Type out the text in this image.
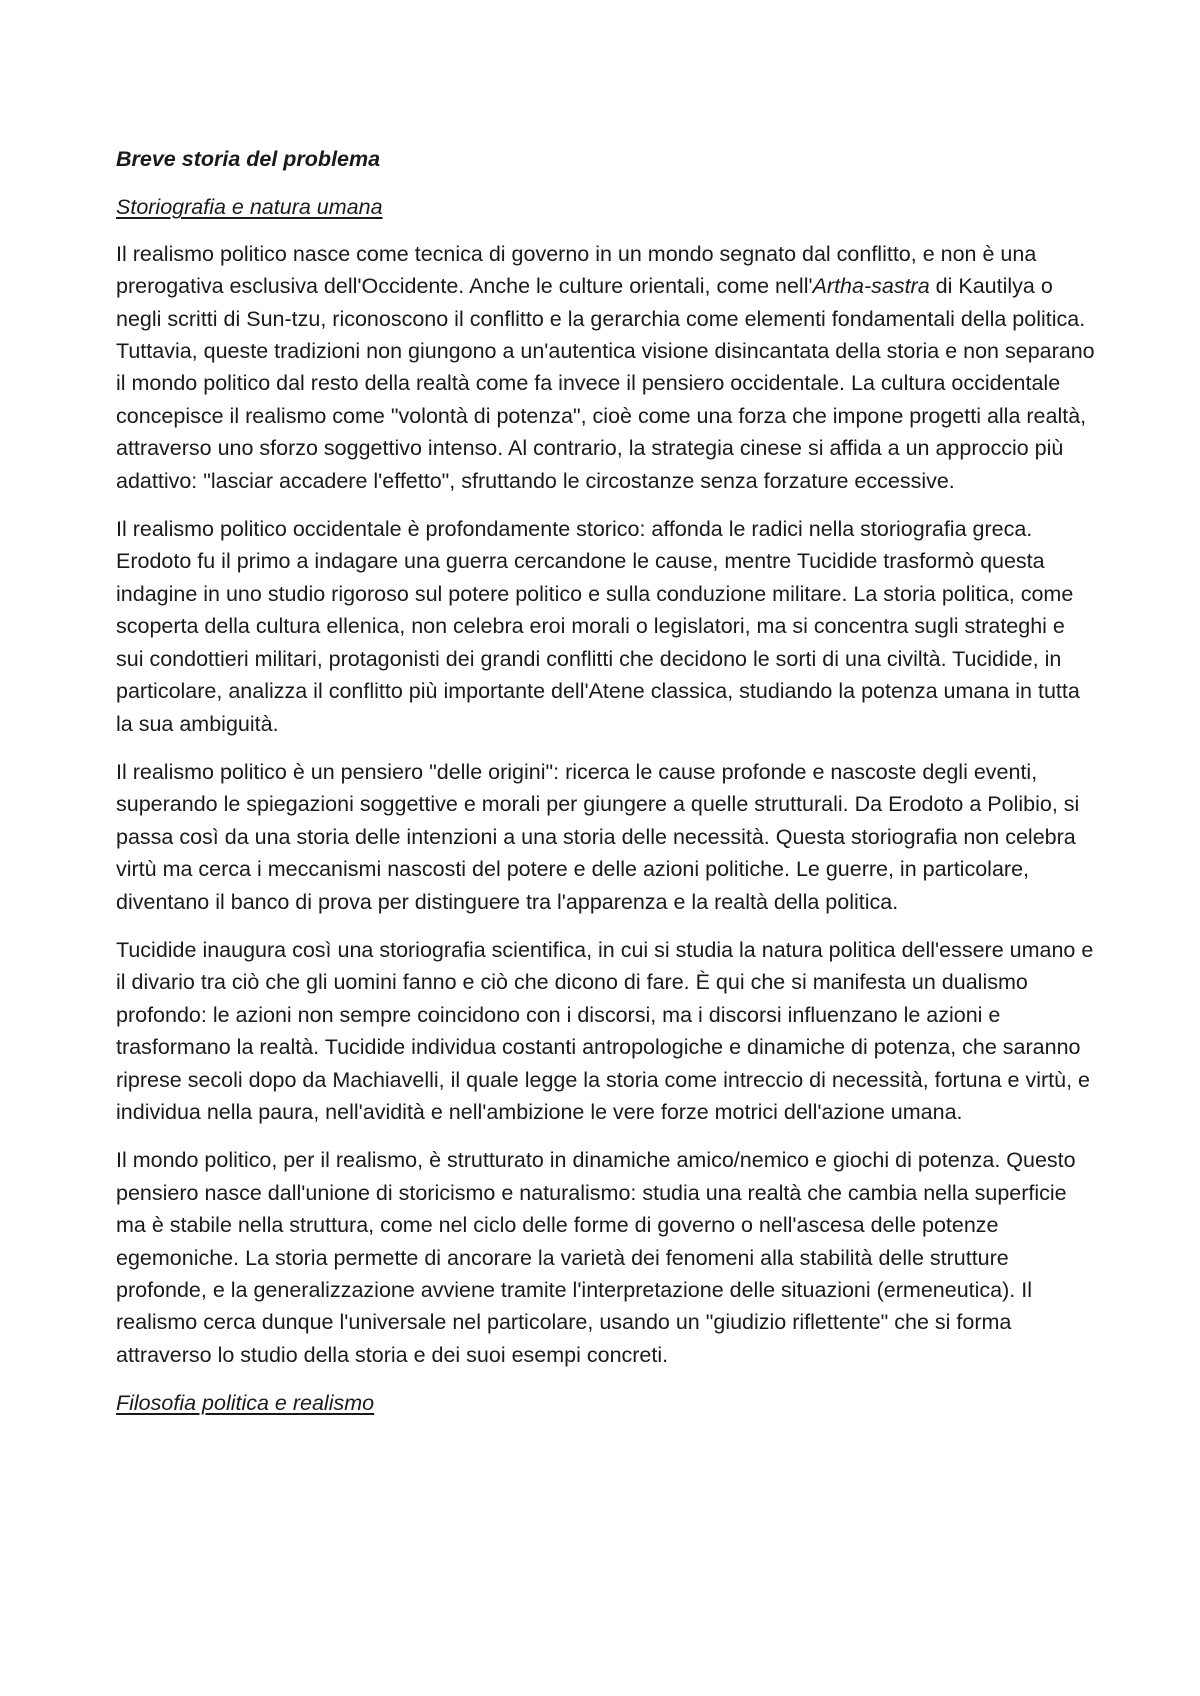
Breve storia del problema
Storiografia e natura umana

Il realismo politico nasce come tecnica di governo in un mondo segnato dal conflitto, e non è una prerogativa esclusiva dell'Occidente. Anche le culture orientali, come nell'Artha-sastra di Kautilya o negli scritti di Sun-tzu, riconoscono il conflitto e la gerarchia come elementi fondamentali della politica. Tuttavia, queste tradizioni non giungono a un'autentica visione disincantata della storia e non separano il mondo politico dal resto della realtà come fa invece il pensiero occidentale. La cultura occidentale concepisce il realismo come "volontà di potenza", cioè come una forza che impone progetti alla realtà, attraverso uno sforzo soggettivo intenso. Al contrario, la strategia cinese si affida a un approccio più adattivo: "lasciar accadere l'effetto", sfruttando le circostanze senza forzature eccessive.

Il realismo politico occidentale è profondamente storico: affonda le radici nella storiografia greca. Erodoto fu il primo a indagare una guerra cercandone le cause, mentre Tucidide trasformò questa indagine in uno studio rigoroso sul potere politico e sulla conduzione militare. La storia politica, come scoperta della cultura ellenica, non celebra eroi morali o legislatori, ma si concentra sugli strateghi e sui condottieri militari, protagonisti dei grandi conflitti che decidono le sorti di una civiltà. Tucidide, in particolare, analizza il conflitto più importante dell'Atene classica, studiando la potenza umana in tutta la sua ambiguità.

Il realismo politico è un pensiero "delle origini": ricerca le cause profonde e nascoste degli eventi, superando le spiegazioni soggettive e morali per giungere a quelle strutturali. Da Erodoto a Polibio, si passa così da una storia delle intenzioni a una storia delle necessità. Questa storiografia non celebra virtù ma cerca i meccanismi nascosti del potere e delle azioni politiche. Le guerre, in particolare, diventano il banco di prova per distinguere tra l'apparenza e la realtà della politica.

Tucidide inaugura così una storiografia scientifica, in cui si studia la natura politica dell'essere umano e il divario tra ciò che gli uomini fanno e ciò che dicono di fare. È qui che si manifesta un dualismo profondo: le azioni non sempre coincidono con i discorsi, ma i discorsi influenzano le azioni e trasformano la realtà. Tucidide individua costanti antropologiche e dinamiche di potenza, che saranno riprese secoli dopo da Machiavelli, il quale legge la storia come intreccio di necessità, fortuna e virtù, e individua nella paura, nell'avidità e nell'ambizione le vere forze motrici dell'azione umana.

Il mondo politico, per il realismo, è strutturato in dinamiche amico/nemico e giochi di potenza. Questo pensiero nasce dall'unione di storicismo e naturalismo: studia una realtà che cambia nella superficie ma è stabile nella struttura, come nel ciclo delle forme di governo o nell'ascesa delle potenze egemoniche. La storia permette di ancorare la varietà dei fenomeni alla stabilità delle strutture profonde, e la generalizzazione avviene tramite l'interpretazione delle situazioni (ermeneutica). Il realismo cerca dunque l'universale nel particolare, usando un "giudizio riflettente" che si forma attraverso lo studio della storia e dei suoi esempi concreti.

Filosofia politica e realismo
